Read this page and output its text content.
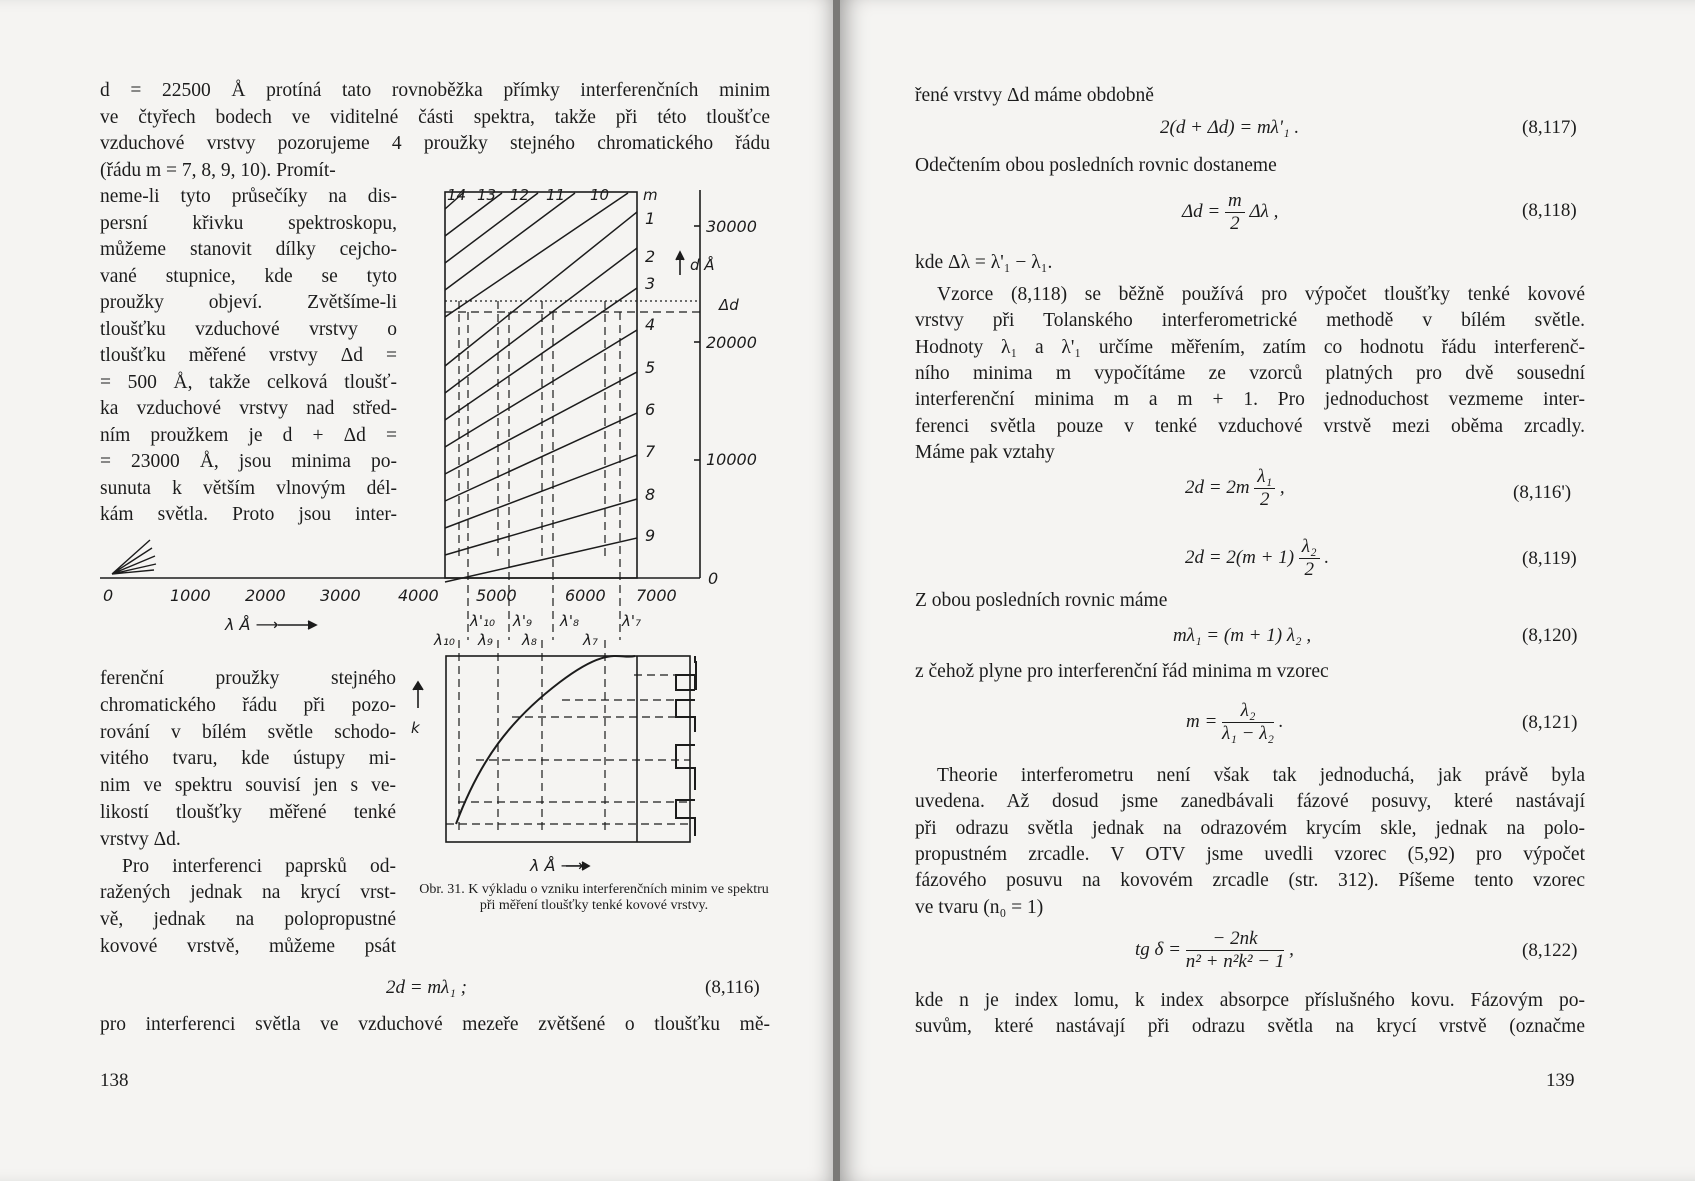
d = 22500 Å protíná tato rovnoběžka přímky interferenčních minim
ve čtyřech bodech ve viditelné části spektra, takže při této tloušťce
vzduchové vrstvy pozorujeme 4 proužky stejného chromatického řádu
(řádu m = 7, 8, 9, 10). Promít-
neme-li tyto průsečíky na dis-
persní křivku spektroskopu,
můžeme stanovit dílky cejcho-
vané stupnice, kde se tyto
proužky objeví. Zvětšíme-li
tloušťku vzduchové vrstvy o
tloušťku měřené vrstvy Δd =
= 500 Å, takže celková tloušť-
ka vzduchové vrstvy nad střed-
ním proužkem je d + Δd =
= 23000 Å, jsou minima po-
sunuta k větším vlnovým dél-
kám světla. Proto jsou inter-
ferenční proužky stejného
chromatického řádu při pozo-
rování v bílém světle schodo-
vitého tvaru, kde ústupy mi-
nim ve spektru souvisí jen s ve-
likostí tloušťky měřené tenké
vrstvy Δd.
Pro interferenci paprsků od-
ražených jednak na krycí vrst-
vě, jednak na polopropustné
kovové vrstvě, můžeme psát
14 13 12 11 10 m
9
8
7
6
5
4
3
2
1	30000
d Å
Δd
20000
10000
0
0	1000 2000 3000 4000 5000	6000 7000
λ Å ⟶	λ'₁₀ λ'₉ λ'₈	λ'₇
λ₁₀ λ₉ λ₈	λ₇
k
λ Å ⟶
Obr. 31. K výkladu o vzniku interferenčních minim ve spektru při měření tloušťky tenké kovové vrstvy.
2d = mλ₁ ;	(8,116)
pro interferenci světla ve vzduchové mezeře zvětšené o tloušťku mě-
138
řené vrstvy Δd máme obdobně
2(d + Δd) = mλ'₁ .	(8,117)
Odečtením obou posledních rovnic dostaneme
$\Delta d = \frac{m}{2}$ Δλ ,	(8,118)
kde Δλ = λ'₁ − λ₁.
Vzorce (8,118) se běžně používá pro výpočet tloušťky tenké kovové
vrstvy při Tolanského interferometrické methodě v bílém světle.
Hodnoty λ₁ a λ'₁ určíme měřením, zatím co hodnotu řádu interferenč-
ního minima m vypočítáme ze vzorců platných pro dvě sousední
interferenční minima m a m + 1. Pro jednoduchost vezmeme inter-
ferenci světla pouze v tenké vzduchové vrstvě mezi oběma zrcadly.
Máme pak vztahy
$2d = 2m \frac{\text{λ₁}}{2}$ ,	(8,116')
$2d = 2(m + 1) \frac{\text{λ₂}}{2}$ .	(8,119)
Z obou posledních rovnic máme
mλ₁ = (m + 1) λ₂ ,	(8,120)
z čehož plyne pro interferenční řád minima m vzorec
$m = \frac{\text{λ₂}}{\text{λ₁ − λ₂}}$ .	(8,121)
Theorie interferometru není však tak jednoduchá, jak právě byla
uvedena. Až dosud jsme zanedbávali fázové posuvy, které nastávají
při odrazu světla jednak na odrazovém krycím skle, jednak na polo-
propustném zrcadle. V OTV jsme uvedli vzorec (5,92) pro výpočet
fázového posuvu na kovovém zrcadle (str. 312). Píšeme tento vzorec
ve tvaru (n₀ = 1)
tg $\delta = \frac{- 2nk}{\text{n² + n²k² − 1}}$ ,	(8,122)
kde n je index lomu, k index absorpce příslušného kovu. Fázovým po-
suvům, které nastávají při odrazu světla na krycí vrstvě (označme
139
